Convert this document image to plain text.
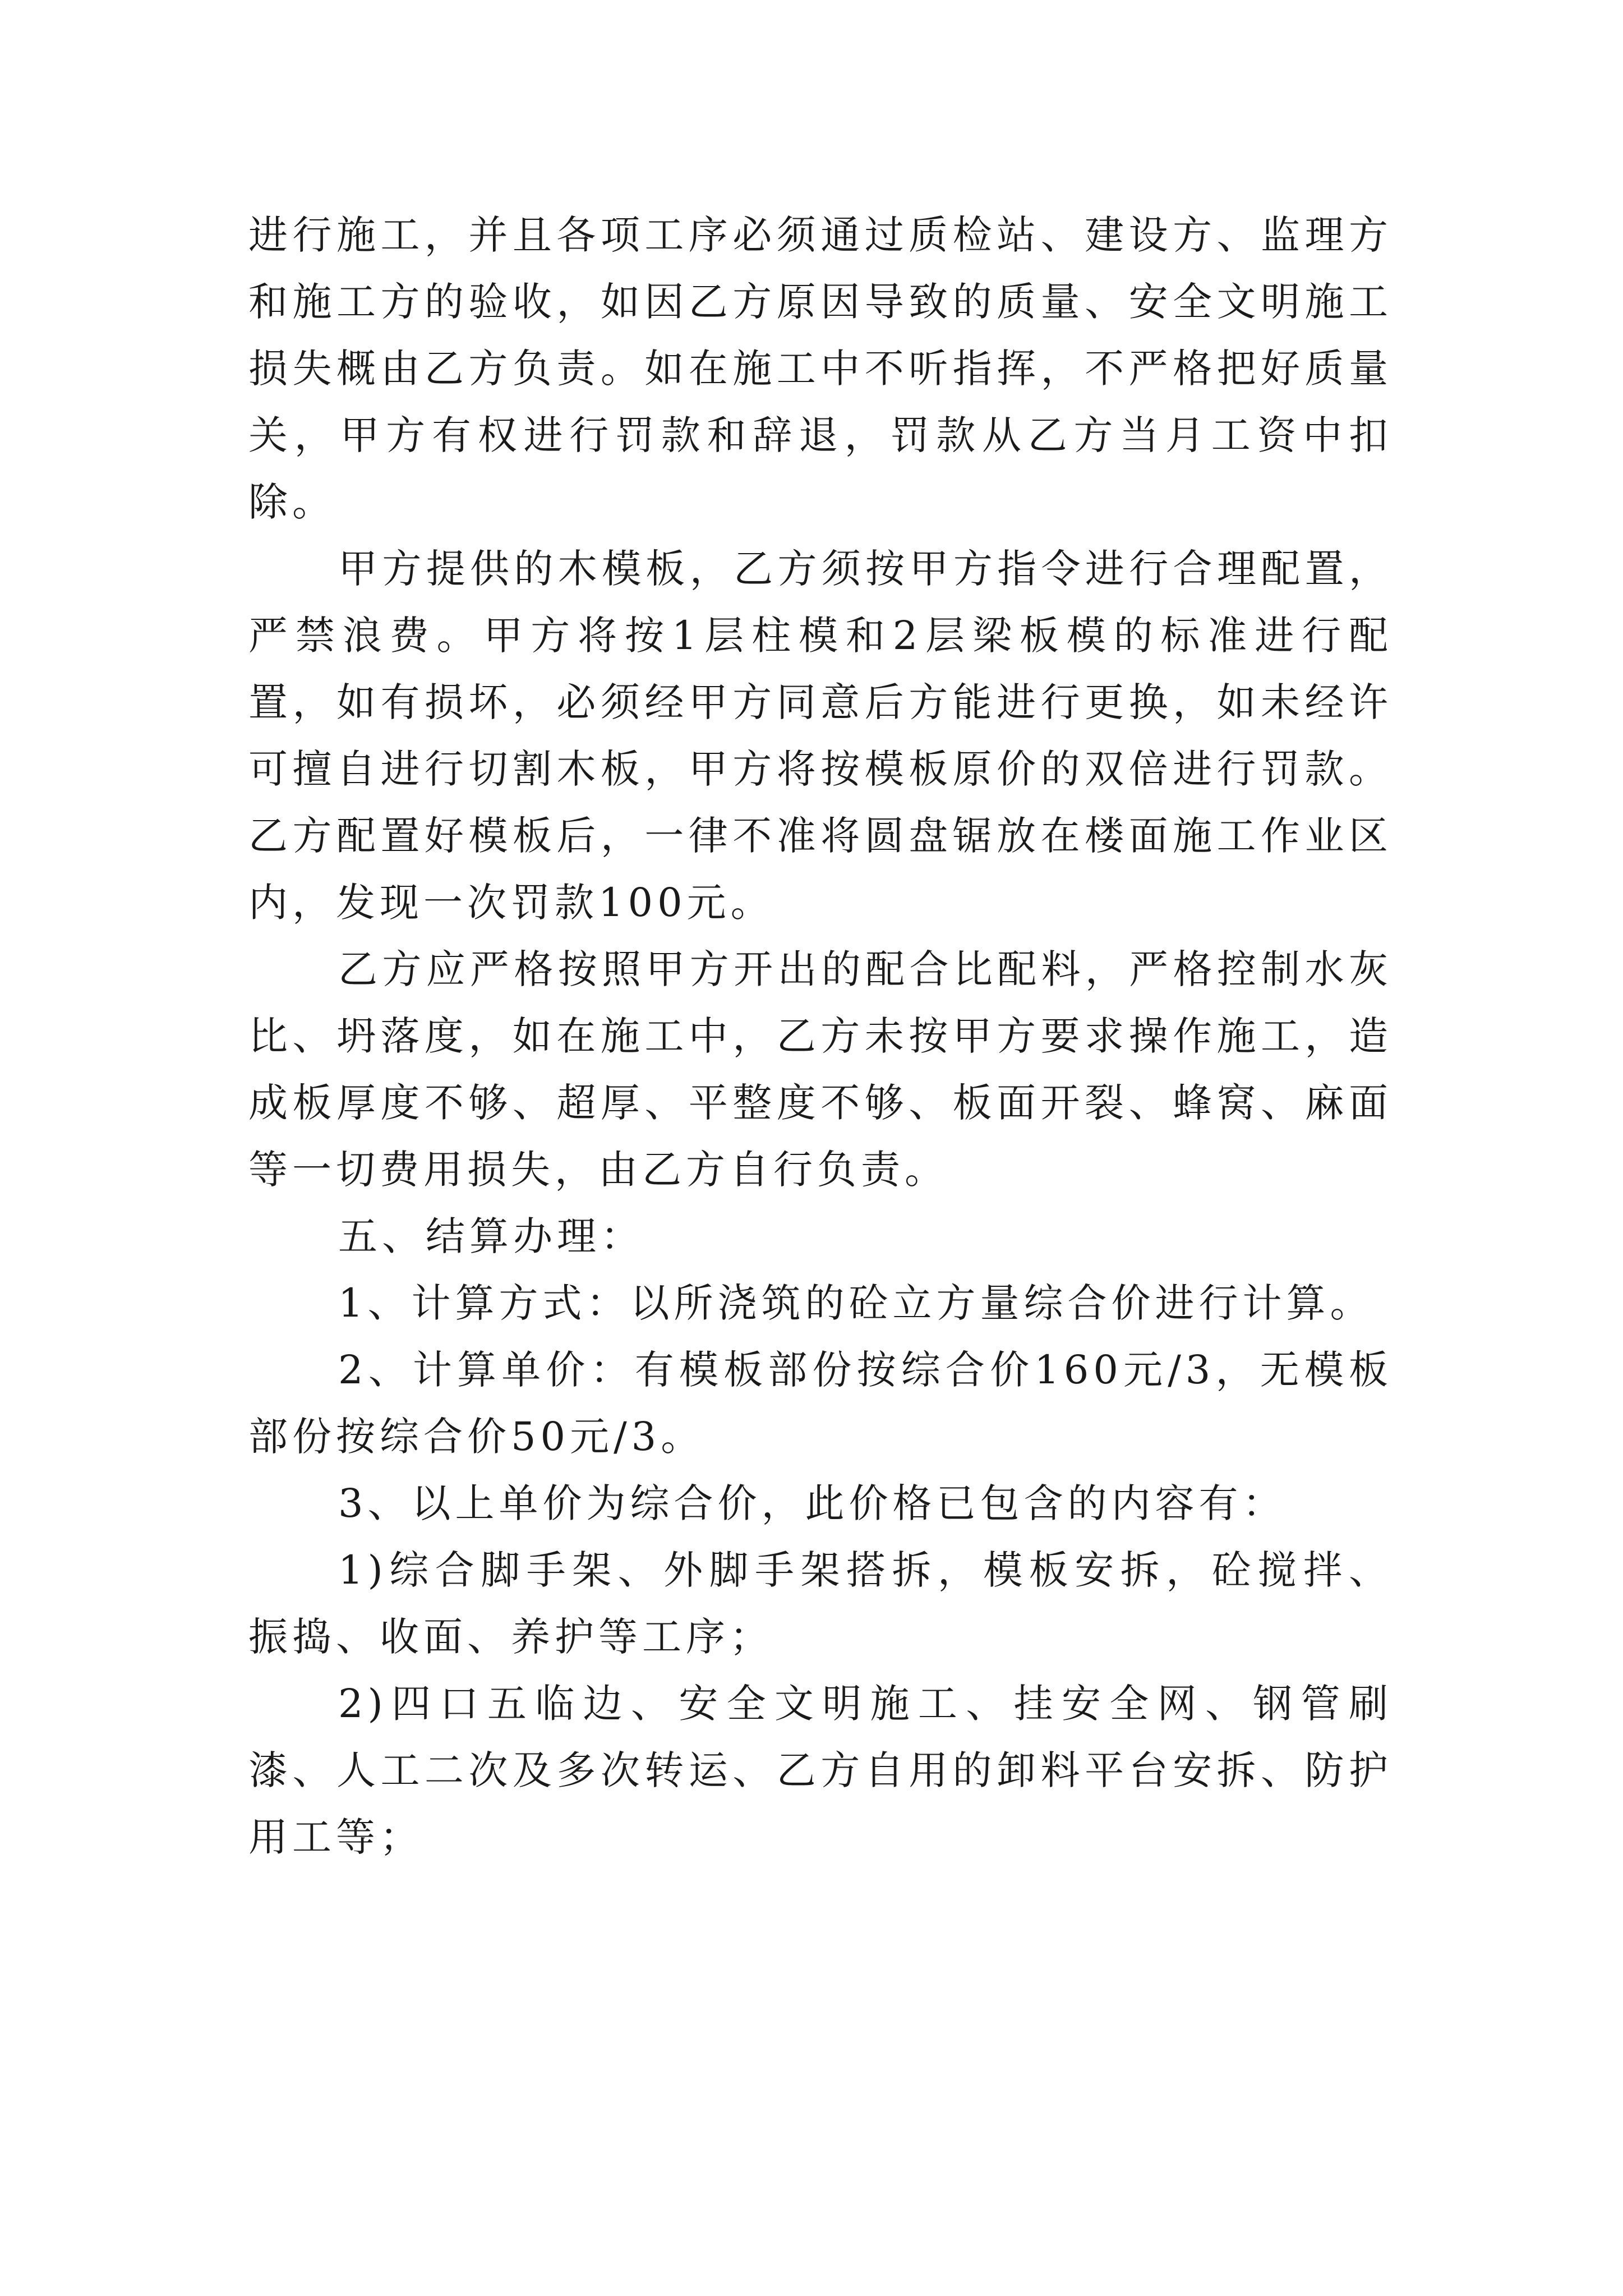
进行施工，并且各项工序必须通过质检站、建设方、监理方和施工方的验收，如因乙方原因导致的质量、安全文明施工损失概由乙方负责。如在施工中不听指挥，不严格把好质量关，甲方有权进行罚款和辞退，罚款从乙方当月工资中扣除。

甲方提供的木模板，乙方须按甲方指令进行合理配置，严禁浪费。甲方将按1层柱模和2层梁板模的标准进行配置，如有损坏，必须经甲方同意后方能进行更换，如未经许可擅自进行切割木板，甲方将按模板原价的双倍进行罚款。乙方配置好模板后，一律不准将圆盘锯放在楼面施工作业区内，发现一次罚款100元。

乙方应严格按照甲方开出的配合比配料，严格控制水灰比、坍落度，如在施工中，乙方未按甲方要求操作施工，造成板厚度不够、超厚、平整度不够、板面开裂、蜂窝、麻面等一切费用损失，由乙方自行负责。

五、结算办理：

1、计算方式：以所浇筑的砼立方量综合价进行计算。

2、计算单价：有模板部份按综合价160元/3，无模板部份按综合价50元/3。

3、以上单价为综合价，此价格已包含的内容有：

1)综合脚手架、外脚手架搭拆，模板安拆，砼搅拌、振捣、收面、养护等工序；

2)四口五临边、安全文明施工、挂安全网、钢管刷漆、人工二次及多次转运、乙方自用的卸料平台安拆、防护用工等；
